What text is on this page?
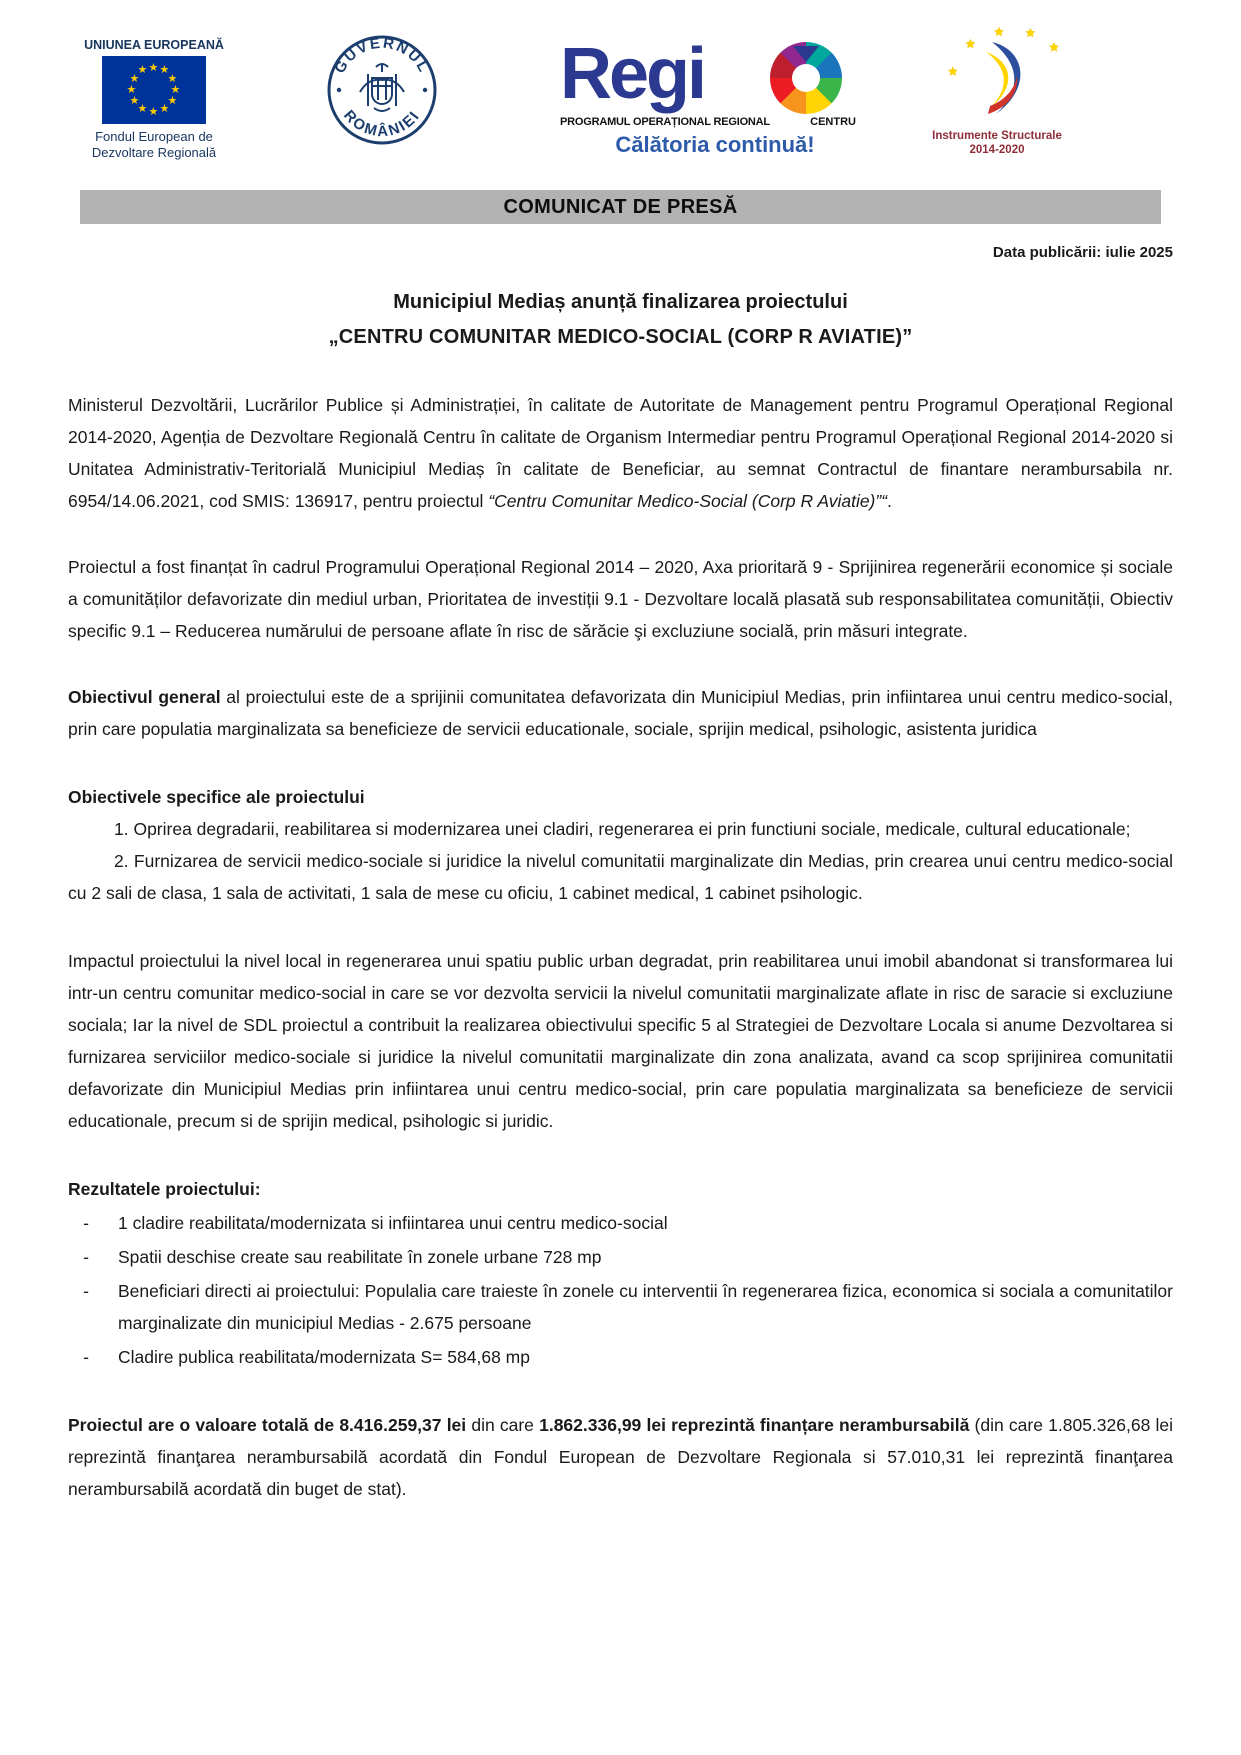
UNIUNEA EUROPEANĂ
★ ★
★
★
★
★
★
★
★
★
★
★
Fondul European de
Dezvoltare Regională
GUVERNUL
ROMÂNIEI
Regi
PROGRAMUL OPERAȚIONAL REGIONAL	CENTRU
Călătoria continuă!	Instrumente Structurale
2014-2020
COMUNICAT DE PRESĂ
Data publicării: iulie 2025
Municipiul Mediaș anunță finalizarea proiectului
„CENTRU COMUNITAR MEDICO-SOCIAL (CORP R AVIATIE)”

Ministerul Dezvoltării, Lucrărilor Publice și Administrației, în calitate de Autoritate de Management pentru Programul Operațional Regional 2014-2020, Agenția de Dezvoltare Regională Centru în calitate de Organism Intermediar pentru Programul Operațional Regional 2014-2020 si Unitatea Administrativ-Teritorială Municipiul Mediaș în calitate de Beneficiar, au semnat Contractul de finantare nerambursabila nr. 6954/14.06.2021, cod SMIS: 136917, pentru proiectul “Centru Comunitar Medico-Social (Corp R Aviatie)”“.

Proiectul a fost finanțat în cadrul Programului Operațional Regional 2014 – 2020, Axa prioritară 9 - Sprijinirea regenerării economice și sociale a comunităților defavorizate din mediul urban, Prioritatea de investiții 9.1 - Dezvoltare locală plasată sub responsabilitatea comunității, Obiectiv specific 9.1 – Reducerea numărului de persoane aflate în risc de sărăcie şi excluziune socială, prin măsuri integrate.

Obiectivul general al proiectului este de a sprijinii comunitatea defavorizata din Municipiul Medias, prin infiintarea unui centru medico-social, prin care populatia marginalizata sa beneficieze de servicii educationale, sociale, sprijin medical, psihologic, asistenta juridica

Obiectivele specifice ale proiectului

1. Oprirea degradarii, reabilitarea si modernizarea unei cladiri, regenerarea ei prin functiuni sociale, medicale, cultural educationale;

2. Furnizarea de servicii medico-sociale si juridice la nivelul comunitatii marginalizate din Medias, prin crearea unui centru medico-social cu 2 sali de clasa, 1 sala de activitati, 1 sala de mese cu oficiu, 1 cabinet medical, 1 cabinet psihologic.

Impactul proiectului la nivel local in regenerarea unui spatiu public urban degradat, prin reabilitarea unui imobil abandonat si transformarea lui intr-un centru comunitar medico-social in care se vor dezvolta servicii la nivelul comunitatii marginalizate aflate in risc de saracie si excluziune sociala; Iar la nivel de SDL proiectul a contribuit la realizarea obiectivului specific 5 al Strategiei de Dezvoltare Locala si anume Dezvoltarea si furnizarea serviciilor medico-sociale si juridice la nivelul comunitatii marginalizate din zona analizata, avand ca scop sprijinirea comunitatii defavorizate din Municipiul Medias prin infiintarea unui centru medico-social, prin care populatia marginalizata sa beneficieze de servicii educationale, precum si de sprijin medical, psihologic si juridic.

Rezultatele proiectului:

-	1 cladire reabilitata/modernizata si infiintarea unui centru medico-social
-	Spatii deschise create sau reabilitate în zonele urbane 728 mp
-	Beneficiari directi ai proiectului: Populalia care traieste în zonele cu interventii în regenerarea fizica, economica si sociala a comunitatilor marginalizate din municipiul Medias - 2.675 persoane
-	Cladire publica reabilitata/modernizata S= 584,68 mp

Proiectul are o valoare totală de 8.416.259,37 lei din care 1.862.336,99 lei reprezintă finanțare nerambursabilă (din care 1.805.326,68 lei reprezintă finanţarea nerambursabilă acordată din Fondul European de Dezvoltare Regionala si 57.010,31 lei reprezintă finanţarea nerambursabilă acordată din buget de stat).
